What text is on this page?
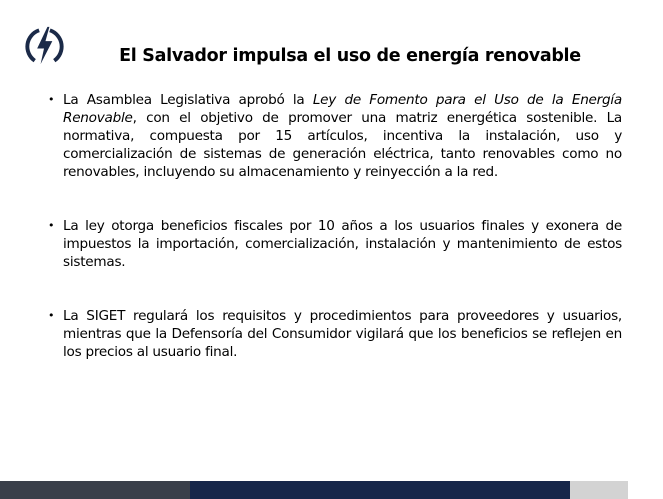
El Salvador impulsa el uso de energía renovable
• La Asamblea Legislativa aprobó la Ley de Fomento para el Uso de la Energía Renovable, con el objetivo de promover una matriz energética sostenible. La normativa, compuesta por 15 artículos, incentiva la instalación, uso y comercialización de sistemas de generación eléctrica, tanto renovables como no renovables, incluyendo su almacenamiento y reinyección a la red.
• La ley otorga beneficios fiscales por 10 años a los usuarios finales y exonera de impuestos la importación, comercialización, instalación y mantenimiento de estos sistemas.
• La SIGET regulará los requisitos y procedimientos para proveedores y usuarios, mientras que la Defensoría del Consumidor vigilará que los beneficios se reflejen en los precios al usuario final.
